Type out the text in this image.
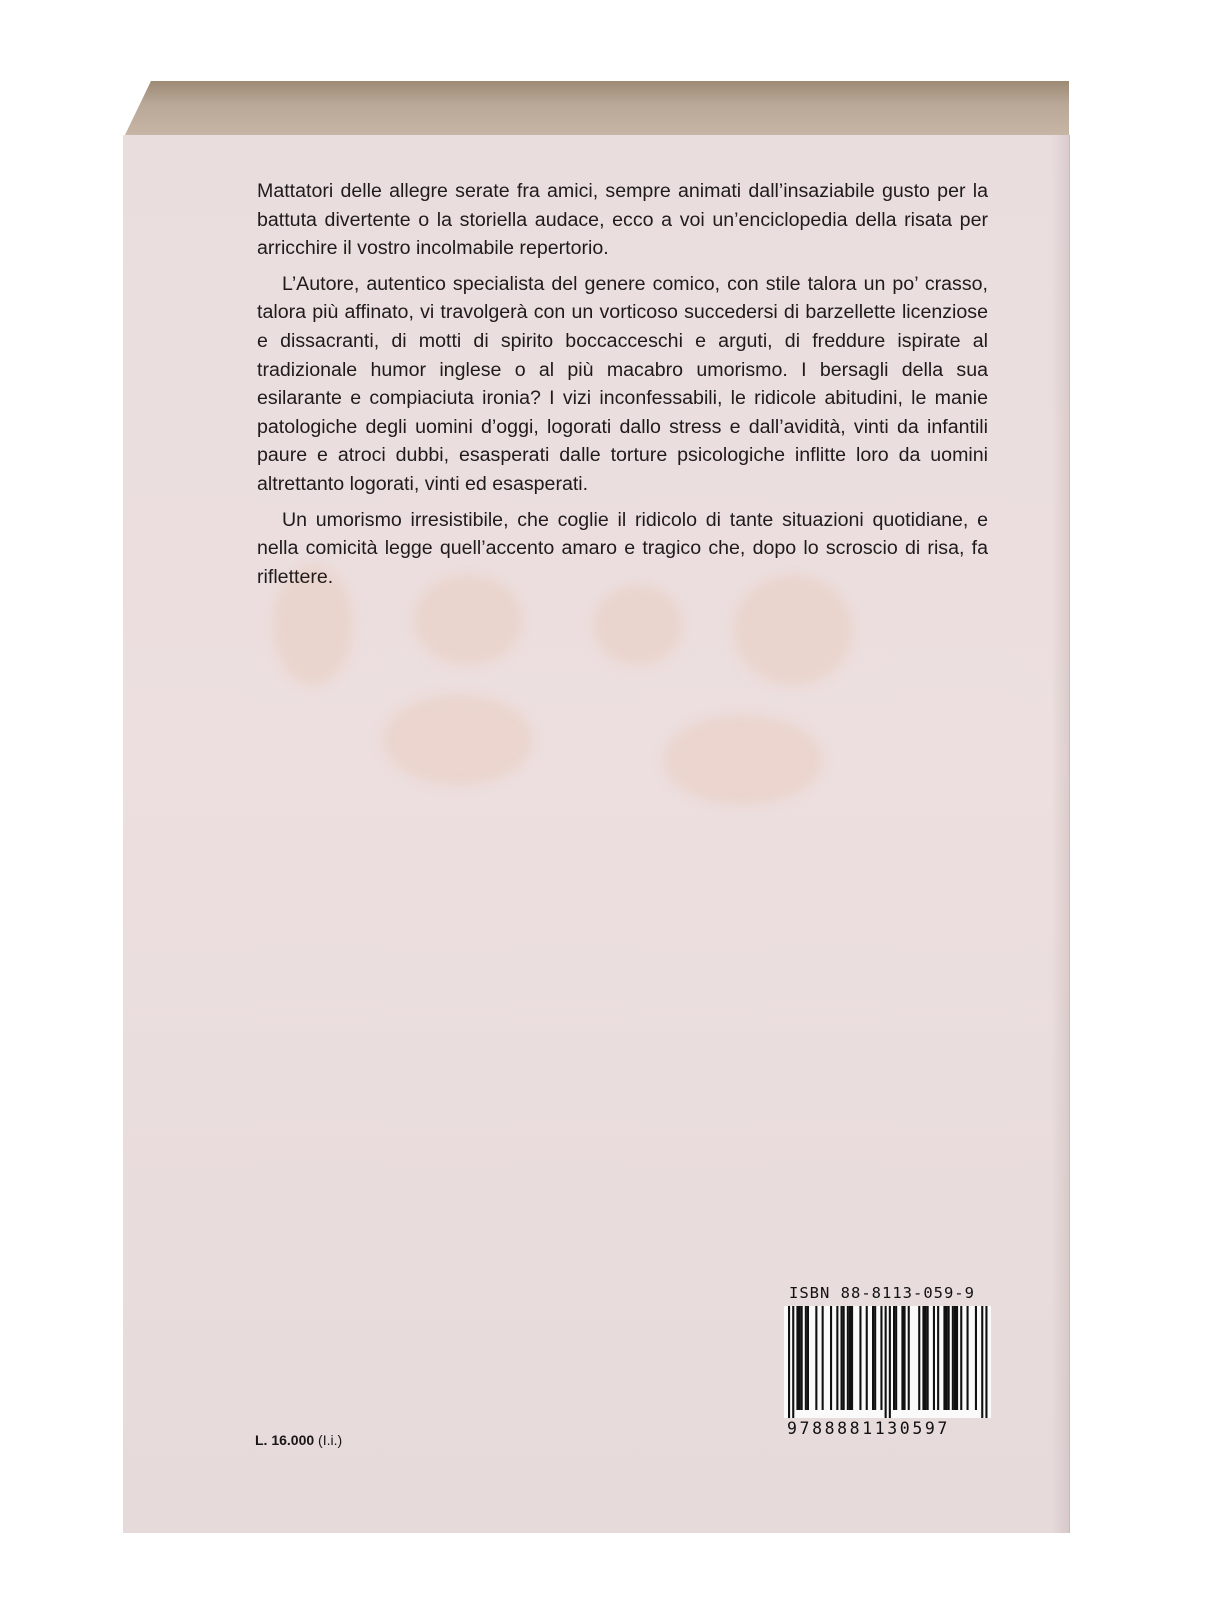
Mattatori delle allegre serate fra amici, sempre animati dall’insaziabile gusto per la battuta divertente o la storiella audace, ecco a voi un’enciclopedia della risata per arricchire il vostro incolmabile repertorio.

L’Autore, autentico specialista del genere comico, con stile talora un po’ crasso, talora più affinato, vi travolgerà con un vorticoso succedersi di barzellette licenziose e dissacranti, di motti di spirito boccacceschi e arguti, di freddure ispirate al tradizionale humor inglese o al più macabro umorismo. I bersagli della sua esilarante e compiaciuta ironia? I vizi inconfessabili, le ridicole abitudini, le manie patologiche degli uomini d’oggi, logorati dallo stress e dall’avidità, vinti da infantili paure e atroci dubbi, esasperati dalle torture psicologiche inflitte loro da uomini altrettanto logorati, vinti ed esasperati.

Un umorismo irresistibile, che coglie il ridicolo di tante situazioni quotidiane, e nella comicità legge quell’accento amaro e tragico che, dopo lo scroscio di risa, fa riflettere.

L. 16.000 (I.i.)
ISBN 88-8113-059-9
9788881130597
